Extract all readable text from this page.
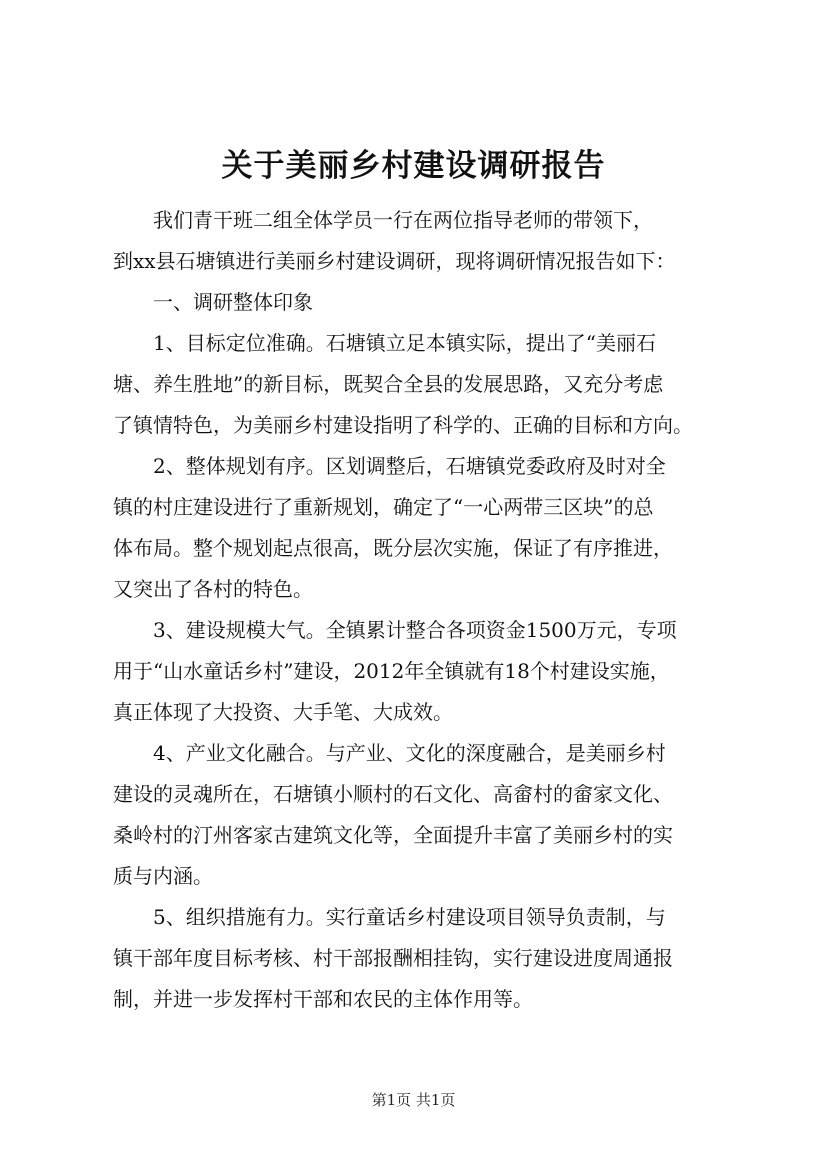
关于美丽乡村建设调研报告
我们青干班二组全体学员一行在两位指导老师的带领下，
到xx县石塘镇进行美丽乡村建设调研，现将调研情况报告如下：
一、调研整体印象
1、目标定位准确。石塘镇立足本镇实际，提出了“美丽石
塘、养生胜地”的新目标，既契合全县的发展思路，又充分考虑
了镇情特色，为美丽乡村建设指明了科学的、正确的目标和方向。
2、整体规划有序。区划调整后，石塘镇党委政府及时对全
镇的村庄建设进行了重新规划，确定了“一心两带三区块”的总
体布局。整个规划起点很高，既分层次实施，保证了有序推进，
又突出了各村的特色。
3、建设规模大气。全镇累计整合各项资金1500万元，专项
用于“山水童话乡村”建设，2012年全镇就有18个村建设实施，
真正体现了大投资、大手笔、大成效。
4、产业文化融合。与产业、文化的深度融合，是美丽乡村
建设的灵魂所在，石塘镇小顺村的石文化、高畲村的畲家文化、
桑岭村的汀州客家古建筑文化等，全面提升丰富了美丽乡村的实
质与内涵。
5、组织措施有力。实行童话乡村建设项目领导负责制，与
镇干部年度目标考核、村干部报酬相挂钩，实行建设进度周通报
制，并进一步发挥村干部和农民的主体作用等。
第1页 共1页
